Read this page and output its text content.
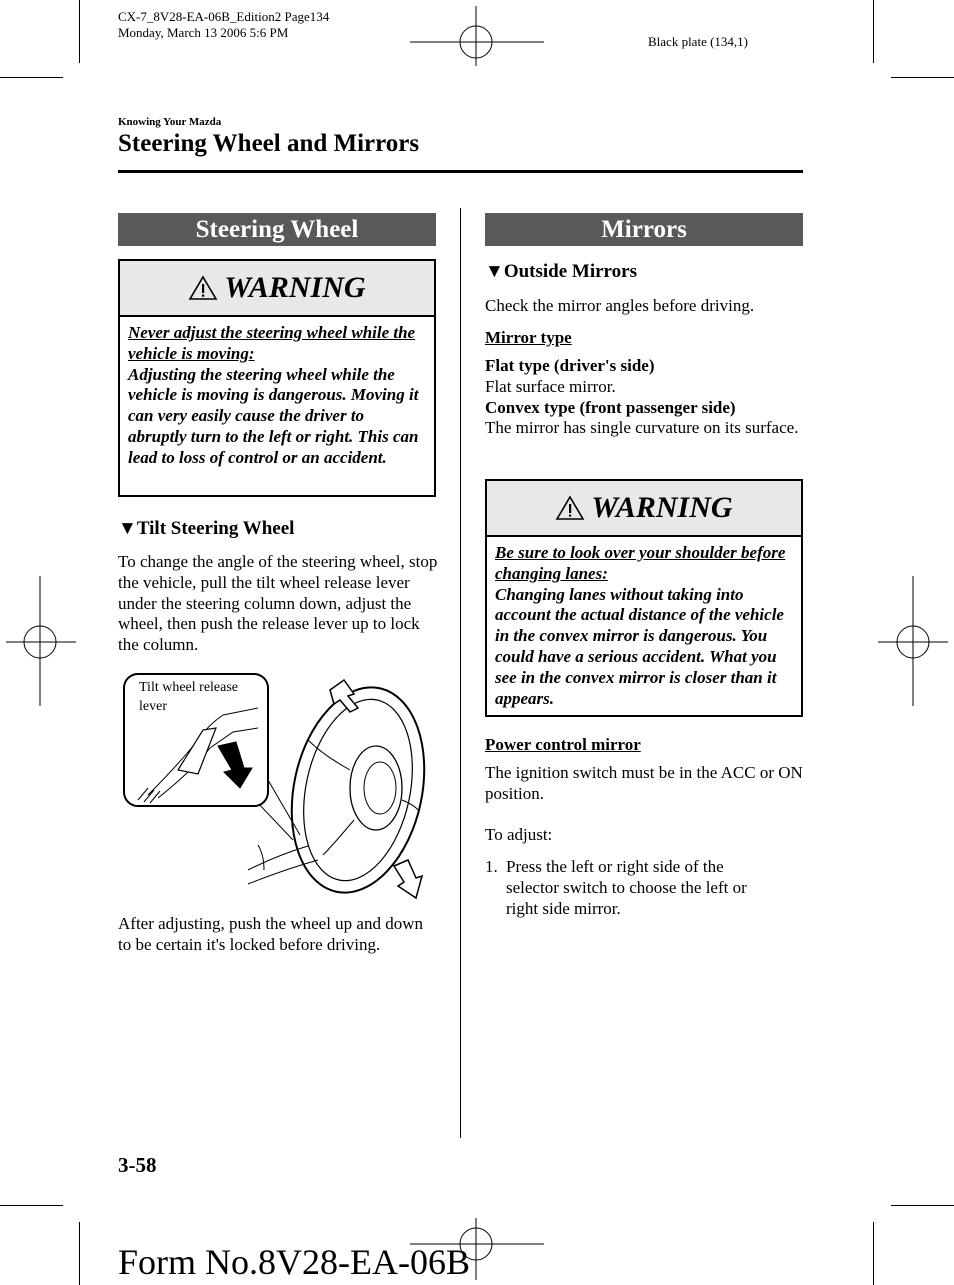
CX-7_8V28-EA-06B_Edition2 Page134
Monday, March 13 2006 5:6 PM
Black plate (134,1)
Knowing Your Mazda
Steering Wheel and Mirrors
Steering Wheel
WARNING
Never adjust the steering wheel while the vehicle is moving:
Adjusting the steering wheel while the vehicle is moving is dangerous. Moving it can very easily cause the driver to abruptly turn to the left or right. This can lead to loss of control or an accident.
▼Tilt Steering Wheel
To change the angle of the steering wheel, stop the vehicle, pull the tilt wheel release lever under the steering column down, adjust the wheel, then push the release lever up to lock the column.
Tilt wheel release lever
After adjusting, push the wheel up and down to be certain it's locked before driving.
Mirrors
▼Outside Mirrors
Check the mirror angles before driving.
Mirror type
Flat type (driver's side)
Flat surface mirror.
Convex type (front passenger side)
The mirror has single curvature on its surface.
WARNING
Be sure to look over your shoulder before changing lanes:
Changing lanes without taking into account the actual distance of the vehicle in the convex mirror is dangerous. You could have a serious accident. What you see in the convex mirror is closer than it appears.
Power control mirror
The ignition switch must be in the ACC or ON position.
To adjust:
1. Press the left or right side of the selector switch to choose the left or right side mirror.
3-58
Form No.8V28-EA-06B
